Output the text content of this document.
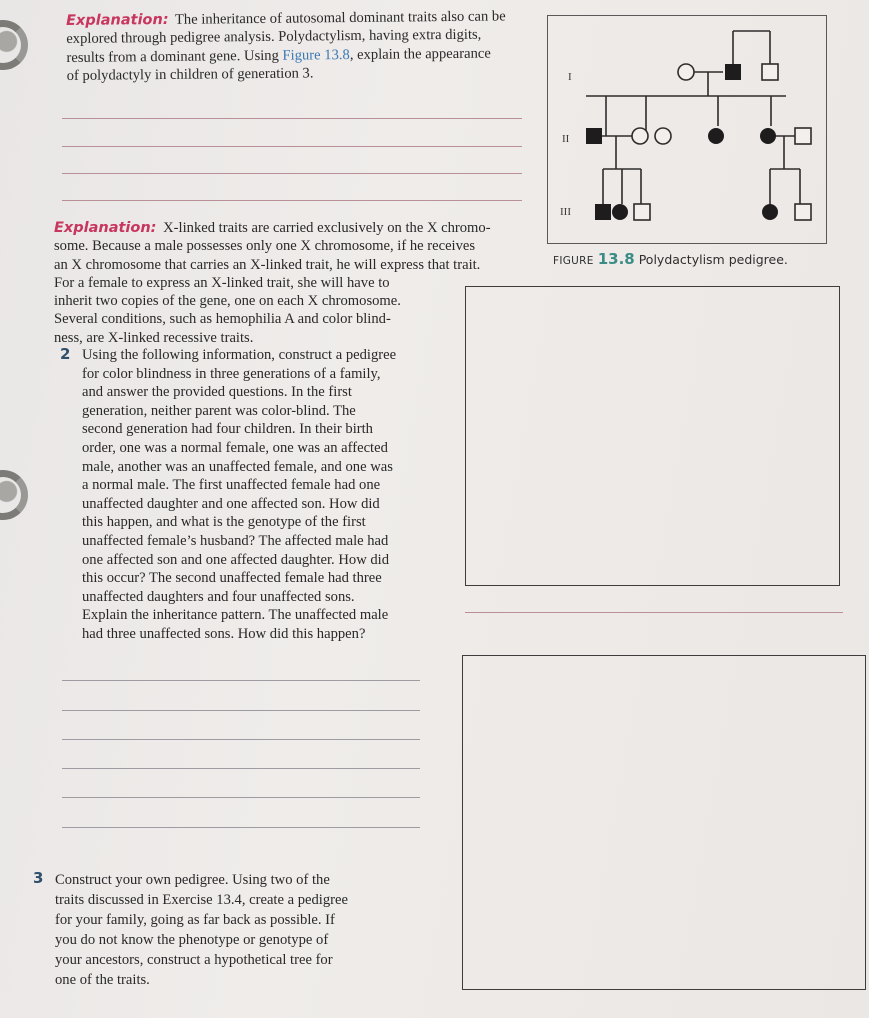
Explanation: The inheritance of autosomal dominant traits also can be
explored through pedigree analysis. Polydactylism, having extra digits,
results from a dominant gene. Using Figure 13.8, explain the appearance
of polydactyly in children of generation 3.	I
II
III
FIGURE 13.8 Polydactylism pedigree.

Explanation: X-linked traits are carried exclusively on the X chromo-
some. Because a male possesses only one X chromosome, if he receives
an X chromosome that carries an X-linked trait, he will express that trait.
For a female to express an X-linked trait, she will have to
inherit two copies of the gene, one on each X chromosome.
Several conditions, such as hemophilia A and color blind-
ness, are X-linked recessive traits.

2 Using the following information, construct a pedigree
for color blindness in three generations of a family,
and answer the provided questions. In the first
generation, neither parent was color-blind. The
second generation had four children. In their birth
order, one was a normal female, one was an affected
male, another was an unaffected female, and one was
a normal male. The first unaffected female had one
unaffected daughter and one affected son. How did
this happen, and what is the genotype of the first
unaffected female’s husband? The affected male had
one affected son and one affected daughter. How did
this occur? The second unaffected female had three
unaffected daughters and four unaffected sons.
Explain the inheritance pattern. The unaffected male
had three unaffected sons. How did this happen?

3 Construct your own pedigree. Using two of the
traits discussed in Exercise 13.4, create a pedigree
for your family, going as far back as possible. If
you do not know the phenotype or genotype of
your ancestors, construct a hypothetical tree for
one of the traits.
